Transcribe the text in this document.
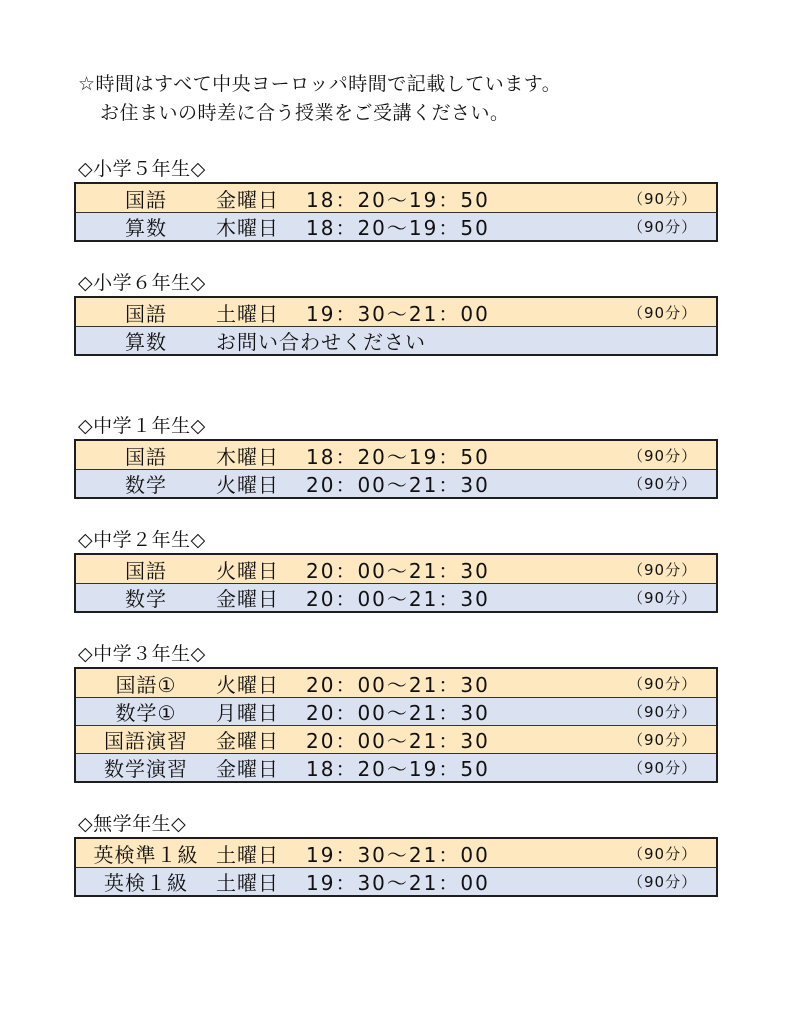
☆時間はすべて中央ヨーロッパ時間で記載しています。
お住まいの時差に合う授業をご受講ください。
◇小学５年生◇
国語	金曜日	18：20〜19：50	（90分）
算数	木曜日	18：20〜19：50	（90分）
◇小学６年生◇
国語	土曜日	19：30〜21：00	（90分）
算数	お問い合わせください
◇中学１年生◇
国語	木曜日	18：20〜19：50	（90分）
数学	火曜日	20：00〜21：30	（90分）
◇中学２年生◇
国語	火曜日	20：00〜21：30	（90分）
数学	金曜日	20：00〜21：30	（90分）
◇中学３年生◇
国語①	火曜日	20：00〜21：30	（90分）
数学①	月曜日	20：00〜21：30	（90分）
国語演習	金曜日	20：00〜21：30	（90分）
数学演習	金曜日	18：20〜19：50	（90分）
◇無学年生◇
英検準１級 土曜日	19：30〜21：00	（90分）
英検１級	土曜日	19：30〜21：00	（90分）
